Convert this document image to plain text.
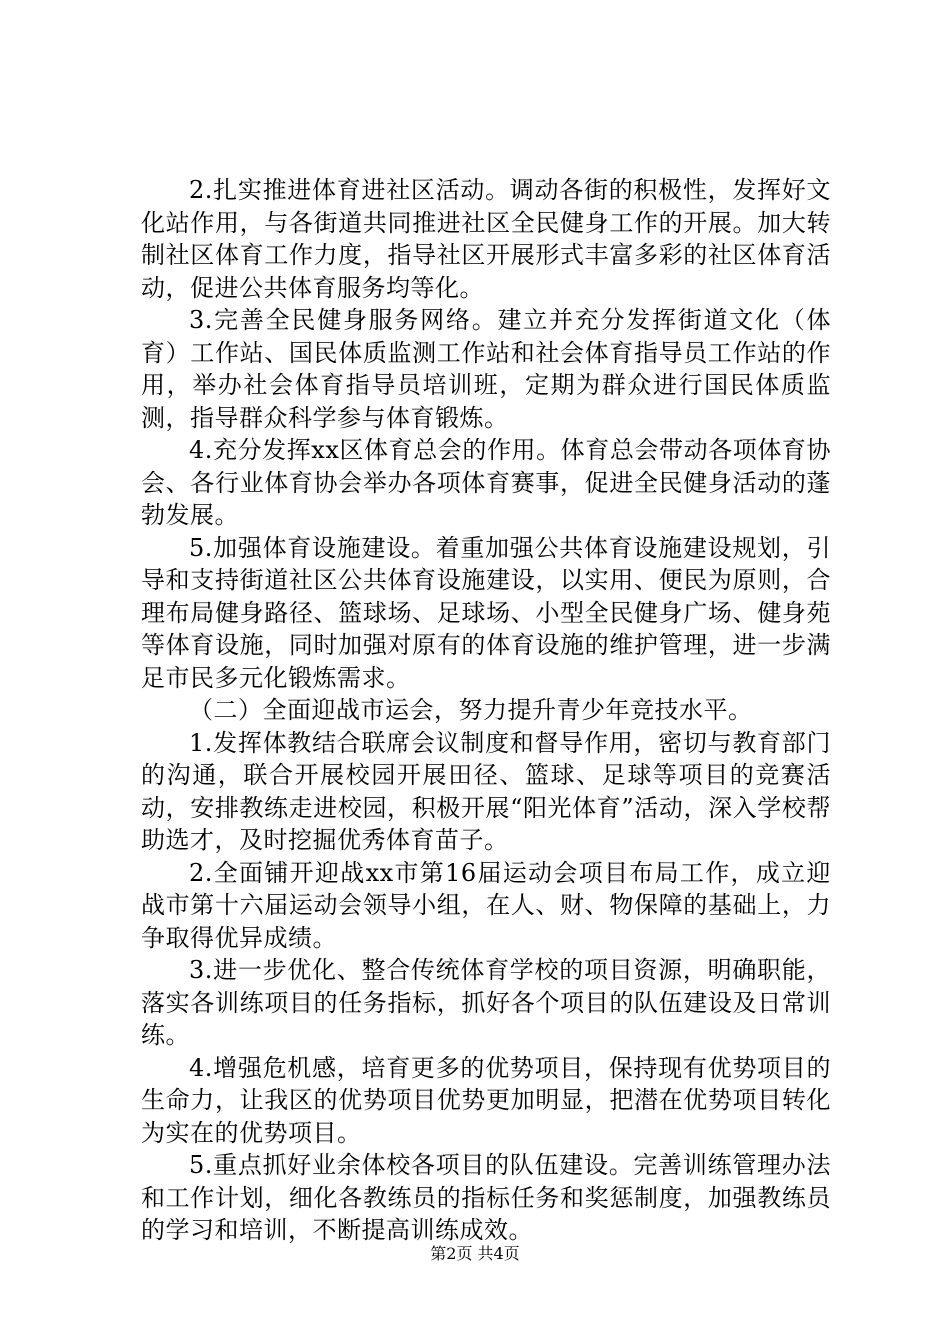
2.扎实推进体育进社区活动。调动各街的积极性，发挥好文化站作用，与各街道共同推进社区全民健身工作的开展。加大转制社区体育工作力度，指导社区开展形式丰富多彩的社区体育活动，促进公共体育服务均等化。

3.完善全民健身服务网络。建立并充分发挥街道文化（体育）工作站、国民体质监测工作站和社会体育指导员工作站的作用，举办社会体育指导员培训班，定期为群众进行国民体质监测，指导群众科学参与体育锻炼。

4.充分发挥xx区体育总会的作用。体育总会带动各项体育协会、各行业体育协会举办各项体育赛事，促进全民健身活动的蓬勃发展。

5.加强体育设施建设。着重加强公共体育设施建设规划，引导和支持街道社区公共体育设施建设，以实用、便民为原则，合理布局健身路径、篮球场、足球场、小型全民健身广场、健身苑等体育设施，同时加强对原有的体育设施的维护管理，进一步满足市民多元化锻炼需求。

（二）全面迎战市运会，努力提升青少年竞技水平。

1.发挥体教结合联席会议制度和督导作用，密切与教育部门的沟通，联合开展校园开展田径、篮球、足球等项目的竞赛活动，安排教练走进校园，积极开展“阳光体育”活动，深入学校帮助选才，及时挖掘优秀体育苗子。

2.全面铺开迎战xx市第16届运动会项目布局工作，成立迎战市第十六届运动会领导小组，在人、财、物保障的基础上，力争取得优异成绩。

3.进一步优化、整合传统体育学校的项目资源，明确职能，落实各训练项目的任务指标，抓好各个项目的队伍建设及日常训练。

4.增强危机感，培育更多的优势项目，保持现有优势项目的生命力，让我区的优势项目优势更加明显，把潜在优势项目转化为实在的优势项目。

5.重点抓好业余体校各项目的队伍建设。完善训练管理办法和工作计划，细化各教练员的指标任务和奖惩制度，加强教练员的学习和培训，不断提高训练成效。

第2页 共4页
